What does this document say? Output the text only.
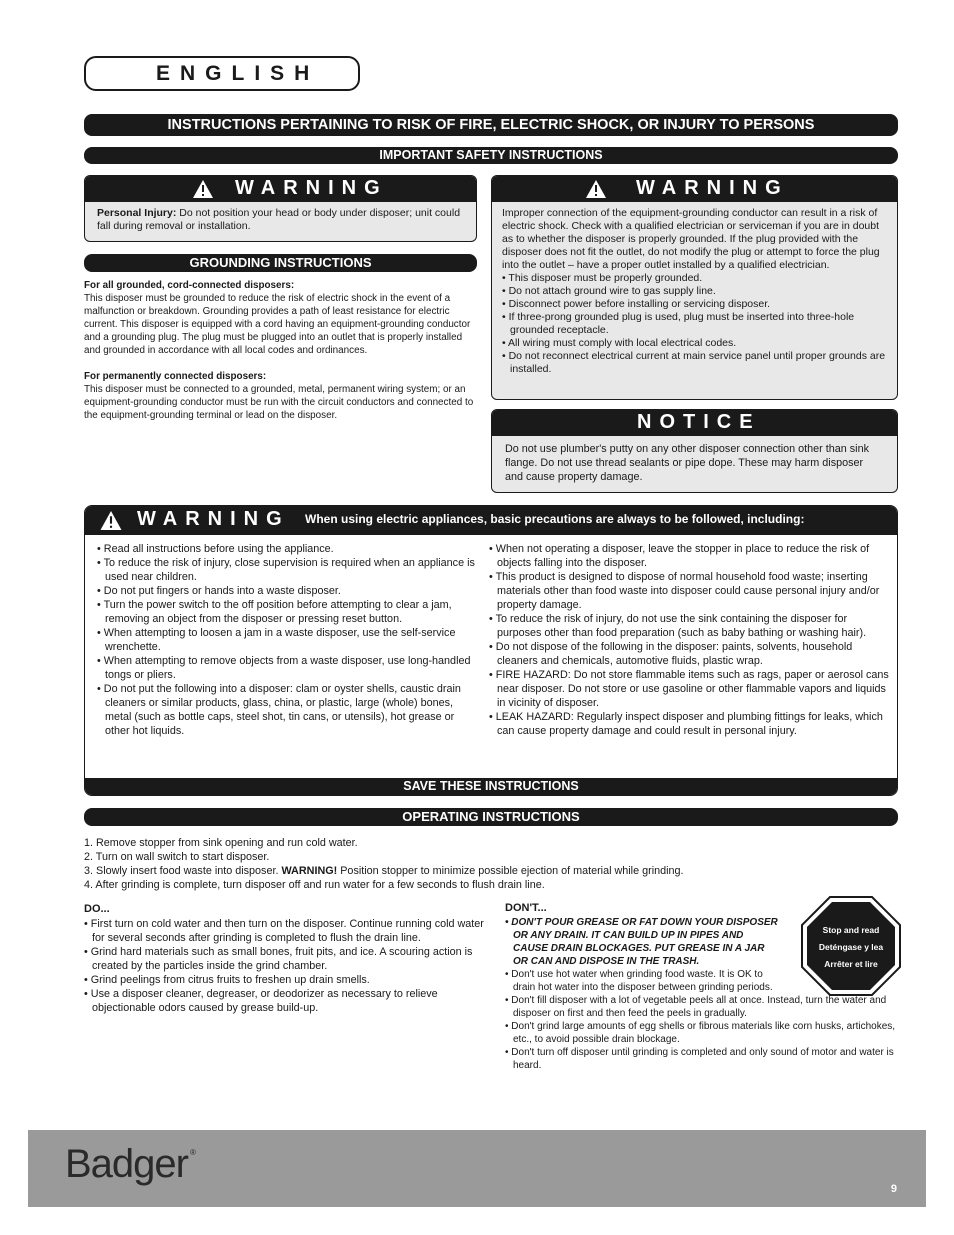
ENGLISH
INSTRUCTIONS PERTAINING TO RISK OF FIRE, ELECTRIC SHOCK, OR INJURY TO PERSONS
IMPORTANT SAFETY INSTRUCTIONS
WARNING
Personal Injury: Do not position your head or body under disposer; unit could fall during removal or installation.
WARNING

Improper connection of the equipment-grounding conductor can result in a risk of electric shock. Check with a qualified electrician or serviceman if you are in doubt as to whether the disposer is properly grounded. If the plug provided with the disposer does not fit the outlet, do not modify the plug or attempt to force the plug into the outlet – have a proper outlet installed by a qualified electrician.

• This disposer must be properly grounded.
• Do not attach ground wire to gas supply line.
• Disconnect power before installing or servicing disposer.
• If three-prong grounded plug is used, plug must be inserted into three-hole grounded receptacle.
• All wiring must comply with local electrical codes.
• Do not reconnect electrical current at main service panel until proper grounds are installed.
NOTICE
Do not use plumber's putty on any other disposer connection other than sink flange. Do not use thread sealants or pipe dope. These may harm disposer and cause property damage.
GROUNDING INSTRUCTIONS
For all grounded, cord-connected disposers:

This disposer must be grounded to reduce the risk of electric shock in the event of a malfunction or breakdown. Grounding provides a path of least resistance for electric current. This disposer is equipped with a cord having an equipment-grounding conductor and a grounding plug. The plug must be plugged into an outlet that is properly installed and grounded in accordance with all local codes and ordinances.

For permanently connected disposers:

This disposer must be connected to a grounded, metal, permanent wiring system; or an equipment-grounding conductor must be run with the circuit conductors and connected to the equipment-grounding terminal or lead on the disposer.

WARNING When using electric appliances, basic precautions are always to be followed, including:
• Read all instructions before using the appliance.
• To reduce the risk of injury, close supervision is required when an appliance is used near children.
• Do not put fingers or hands into a waste disposer.
• Turn the power switch to the off position before attempting to clear a jam, removing an object from the disposer or pressing reset button.
• When attempting to loosen a jam in a waste disposer, use the self-service wrenchette.
• When attempting to remove objects from a waste disposer, use long-handled tongs or pliers.
• Do not put the following into a disposer: clam or oyster shells, caustic drain cleaners or similar products, glass, china, or plastic, large (whole) bones, metal (such as bottle caps, steel shot, tin cans, or utensils), hot grease or other hot liquids.
• When not operating a disposer, leave the stopper in place to reduce the risk of objects falling into the disposer.
• This product is designed to dispose of normal household food waste; inserting materials other than food waste into disposer could cause personal injury and/or property damage.
• To reduce the risk of injury, do not use the sink containing the disposer for purposes other than food preparation (such as baby bathing or washing hair).
• Do not dispose of the following in the disposer: paints, solvents, household cleaners and chemicals, automotive fluids, plastic wrap.
• FIRE HAZARD: Do not store flammable items such as rags, paper or aerosol cans near disposer. Do not store or use gasoline or other flammable vapors and liquids in vicinity of disposer.
• LEAK HAZARD: Regularly inspect disposer and plumbing fittings for leaks, which can cause property damage and could result in personal injury.
SAVE THESE INSTRUCTIONS
OPERATING INSTRUCTIONS
1. Remove stopper from sink opening and run cold water.
2. Turn on wall switch to start disposer.
3. Slowly insert food waste into disposer. WARNING! Position stopper to minimize possible ejection of material while grinding.
4. After grinding is complete, turn disposer off and run water for a few seconds to flush drain line.
DO...
• First turn on cold water and then turn on the disposer. Continue running cold water for several seconds after grinding is completed to flush the drain line.
• Grind hard materials such as small bones, fruit pits, and ice. A scouring action is created by the particles inside the grind chamber.
• Grind peelings from citrus fruits to freshen up drain smells.
• Use a disposer cleaner, degreaser, or deodorizer as necessary to relieve objectionable odors caused by grease build-up.
DON'T...
• DON'T POUR GREASE OR FAT DOWN YOUR DISPOSER OR ANY DRAIN. IT CAN BUILD UP IN PIPES AND CAUSE DRAIN BLOCKAGES. PUT GREASE IN A JAR OR CAN AND DISPOSE IN THE TRASH.
• Don't use hot water when grinding food waste. It is OK to drain hot water into the disposer between grinding periods.
• Don't fill disposer with a lot of vegetable peels all at once. Instead, turn the water and disposer on first and then feed the peels in gradually.
• Don't grind large amounts of egg shells or fibrous materials like corn husks, artichokes, etc., to avoid possible drain blockage.
• Don't turn off disposer until grinding is completed and only sound of motor and water is heard.
Stop and read
Deténgase y lea
Arrêter et lire
Badger ®
9
